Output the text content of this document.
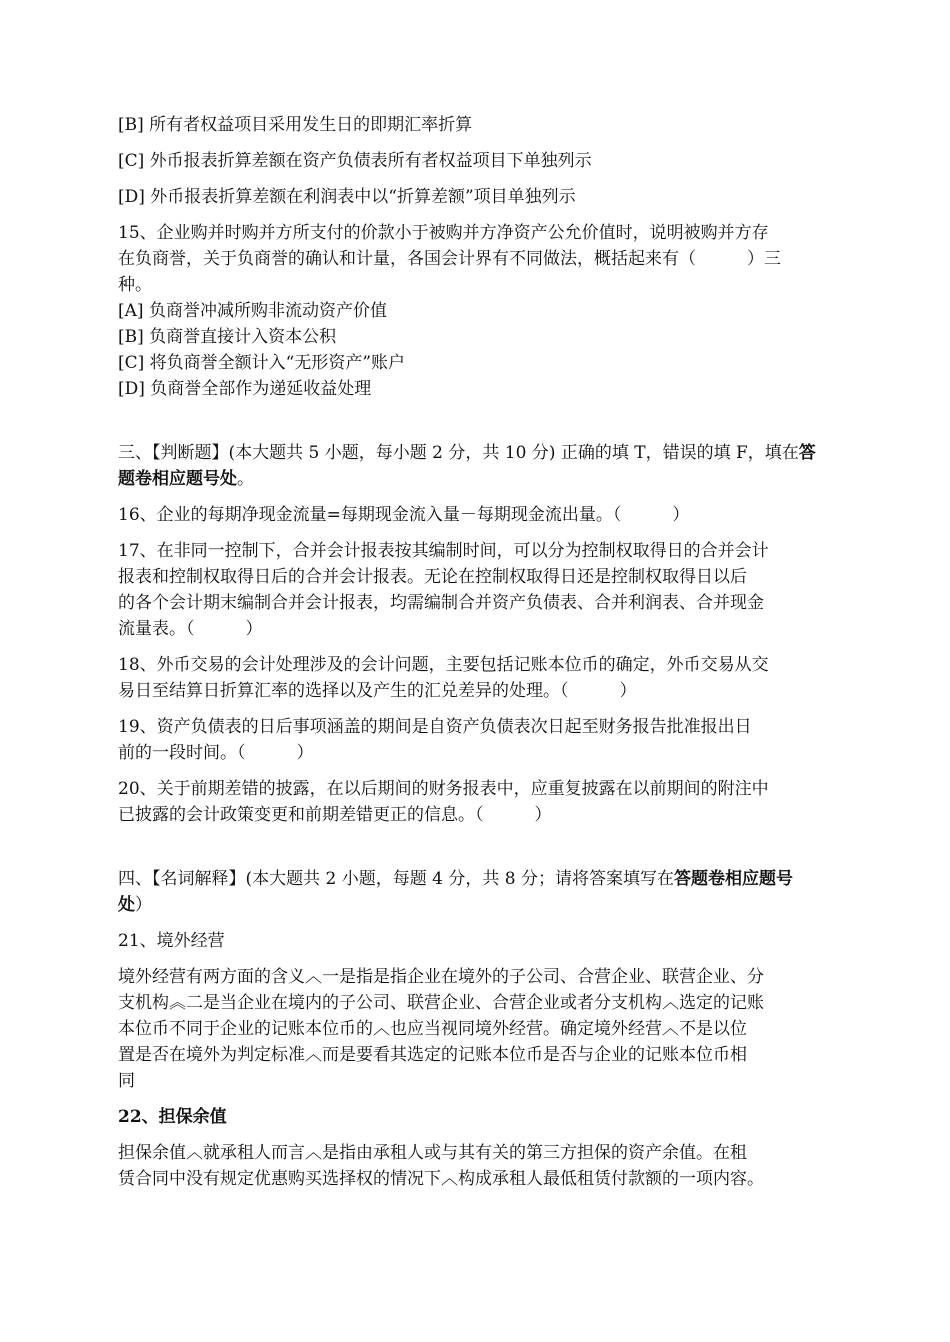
[B] 所有者权益项目采用发生日的即期汇率折算

[C] 外币报表折算差额在资产负债表所有者权益项目下单独列示

[D] 外币报表折算差额在利润表中以“折算差额”项目单独列示

15、企业购并时购并方所支付的价款小于被购并方净资产公允价值时，说明被购并方存

在负商誉，关于负商誉的确认和计量，各国会计界有不同做法，概括起来有（　　　）三

种。

[A] 负商誉冲减所购非流动资产价值

[B] 负商誉直接计入资本公积

[C] 将负商誉全额计入“无形资产”账户

[D] 负商誉全部作为递延收益处理

三、【判断题】(本大题共 5 小题，每小题 2 分，共 10 分) 正确的填 T，错误的填 F，填在答

题卷相应题号处。

16、企业的每期净现金流量=每期现金流入量－每期现金流出量。（　　　）

17、在非同一控制下，合并会计报表按其编制时间，可以分为控制权取得日的合并会计

报表和控制权取得日后的合并会计报表。无论在控制权取得日还是控制权取得日以后

的各个会计期末编制合并会计报表，均需编制合并资产负债表、合并利润表、合并现金

流量表。（　　　）

18、外币交易的会计处理涉及的会计问题，主要包括记账本位币的确定，外币交易从交

易日至结算日折算汇率的选择以及产生的汇兑差异的处理。（　　　）

19、资产负债表的日后事项涵盖的期间是自资产负债表次日起至财务报告批准报出日

前的一段时间。（　　　）

20、关于前期差错的披露，在以后期间的财务报表中，应重复披露在以前期间的附注中

已披露的会计政策变更和前期差错更正的信息。（　　　）

四、【名词解释】(本大题共 2 小题，每题 4 分，共 8 分；请将答案填写在答题卷相应题号

处）

21、境外经营

境外经营有两方面的含义︿一是指是指企业在境外的子公司、合营企业、联营企业、分

支机构︽二是当企业在境内的子公司、联营企业、合营企业或者分支机构︿选定的记账

本位币不同于企业的记账本位币的︿也应当视同境外经营。确定境外经营︿不是以位

置是否在境外为判定标准︿而是要看其选定的记账本位币是否与企业的记账本位币相

同

22、担保余值

担保余值︿就承租人而言︿是指由承租人或与其有关的第三方担保的资产余值。在租

赁合同中没有规定优惠购买选择权的情况下︿构成承租人最低租赁付款额的一项内容。
